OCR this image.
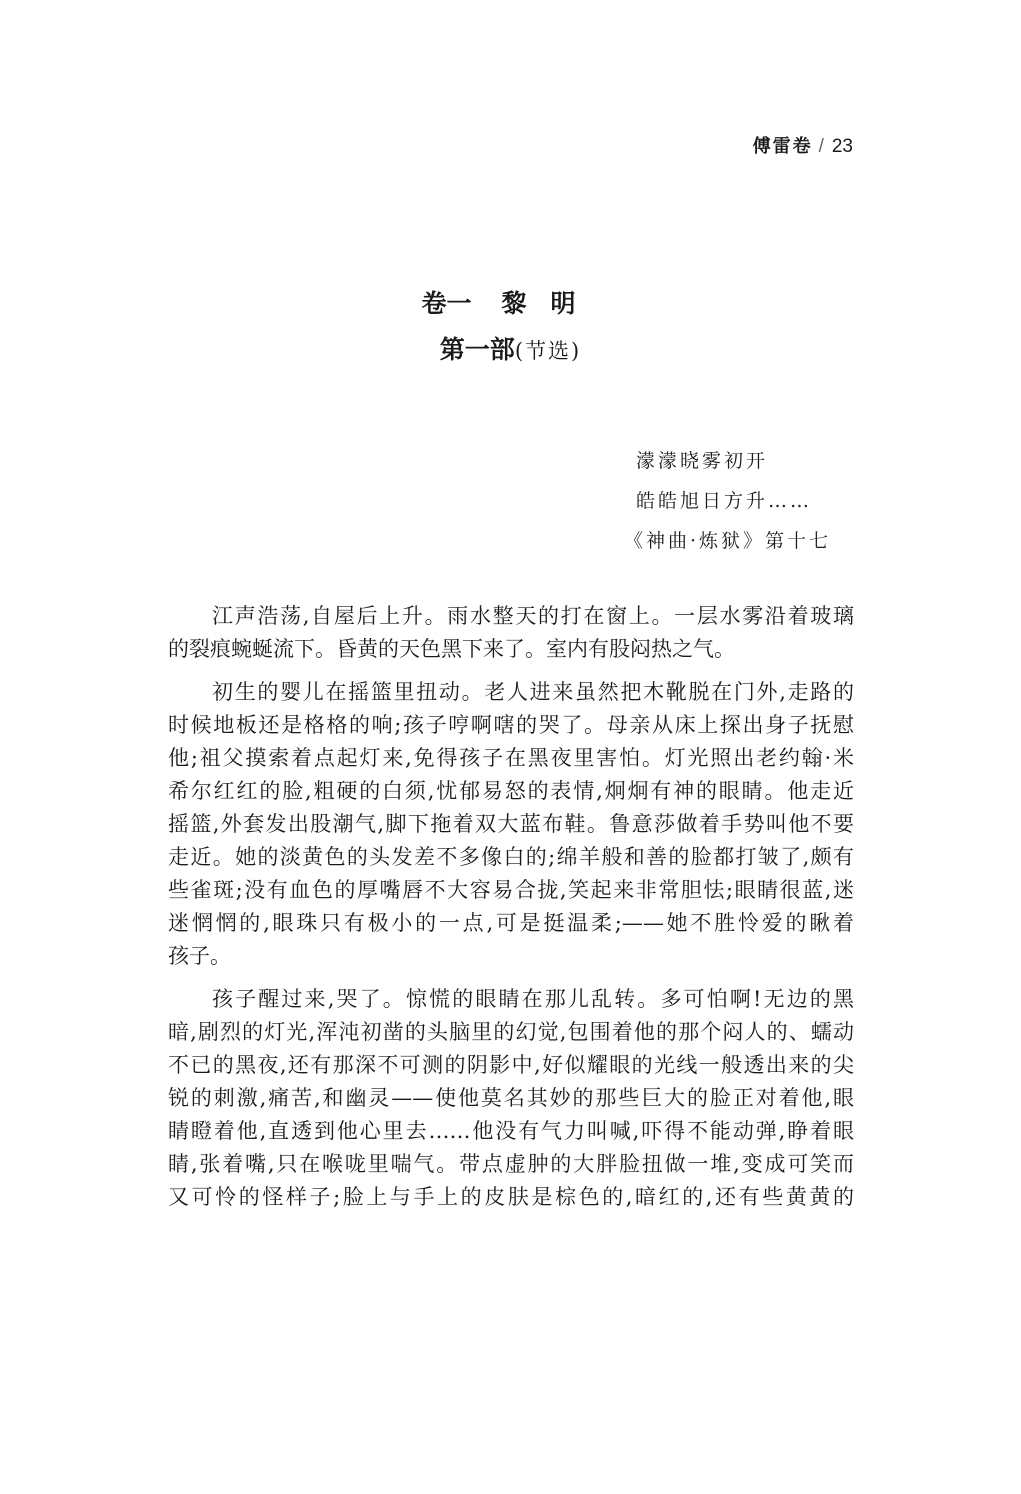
傅雷卷 / 23
卷一 黎明
第一部(节选)
濛濛晓雾初开
皓皓旭日方升……
《神曲·炼狱》第十七
江声浩荡,自屋后上升。雨水整天的打在窗上。一层水雾沿着玻璃
的裂痕蜿蜒流下。昏黄的天色黑下来了。室内有股闷热之气。
初生的婴儿在摇篮里扭动。老人进来虽然把木靴脱在门外,走路的
时候地板还是格格的响;孩子哼啊嗐的哭了。母亲从床上探出身子抚慰
他;祖父摸索着点起灯来,免得孩子在黑夜里害怕。灯光照出老约翰·米
希尔红红的脸,粗硬的白须,忧郁易怒的表情,炯炯有神的眼睛。他走近
摇篮,外套发出股潮气,脚下拖着双大蓝布鞋。鲁意莎做着手势叫他不要
走近。她的淡黄色的头发差不多像白的;绵羊般和善的脸都打皱了,颇有
些雀斑;没有血色的厚嘴唇不大容易合拢,笑起来非常胆怯;眼睛很蓝,迷
迷惘惘的,眼珠只有极小的一点,可是挺温柔;——她不胜怜爱的瞅着
孩子。
孩子醒过来,哭了。惊慌的眼睛在那儿乱转。多可怕啊!无边的黑
暗,剧烈的灯光,浑沌初凿的头脑里的幻觉,包围着他的那个闷人的、蠕动
不已的黑夜,还有那深不可测的阴影中,好似耀眼的光线一般透出来的尖
锐的刺激,痛苦,和幽灵——使他莫名其妙的那些巨大的脸正对着他,眼
睛瞪着他,直透到他心里去……他没有气力叫喊,吓得不能动弹,睁着眼
睛,张着嘴,只在喉咙里喘气。带点虚肿的大胖脸扭做一堆,变成可笑而
又可怜的怪样子;脸上与手上的皮肤是棕色的,暗红的,还有些黄黄的
